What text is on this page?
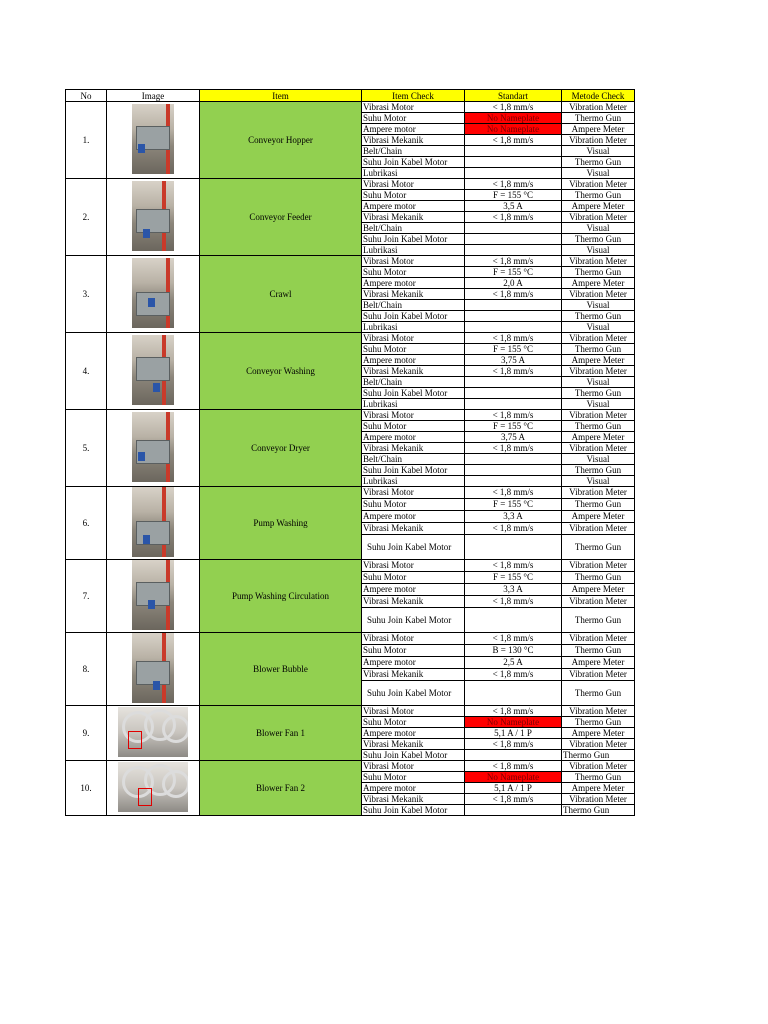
No	Image	Item	Item Check	Standart	Metode Check
1.		Conveyor Hopper	Vibrasi Motor	< 1,8 mm/s	Vibration Meter
			Suhu Motor	No Nameplate	Thermo Gun
			Ampere motor	No Nameplate	Ampere Meter
			Vibrasi Mekanik	< 1,8 mm/s	Vibration Meter
			Belt/Chain		Visual
			Suhu Join Kabel Motor		Thermo Gun
			Lubrikasi		Visual
2.		Conveyor Feeder	Vibrasi Motor	< 1,8 mm/s	Vibration Meter
			Suhu Motor	F = 155 °C	Thermo Gun
			Ampere motor	3,5 A	Ampere Meter
			Vibrasi Mekanik	< 1,8 mm/s	Vibration Meter
			Belt/Chain		Visual
			Suhu Join Kabel Motor		Thermo Gun
			Lubrikasi		Visual
3.		Crawl	Vibrasi Motor	< 1,8 mm/s	Vibration Meter
			Suhu Motor	F = 155 °C	Thermo Gun
			Ampere motor	2,0 A	Ampere Meter
			Vibrasi Mekanik	< 1,8 mm/s	Vibration Meter
			Belt/Chain		Visual
			Suhu Join Kabel Motor		Thermo Gun
			Lubrikasi		Visual
4.		Conveyor Washing	Vibrasi Motor	< 1,8 mm/s	Vibration Meter
			Suhu Motor	F = 155 °C	Thermo Gun
			Ampere motor	3,75 A	Ampere Meter
			Vibrasi Mekanik	< 1,8 mm/s	Vibration Meter
			Belt/Chain		Visual
			Suhu Join Kabel Motor		Thermo Gun
			Lubrikasi		Visual
5.		Conveyor Dryer	Vibrasi Motor	< 1,8 mm/s	Vibration Meter
			Suhu Motor	F = 155 °C	Thermo Gun
			Ampere motor	3,75 A	Ampere Meter
			Vibrasi Mekanik	< 1,8 mm/s	Vibration Meter
			Belt/Chain		Visual
			Suhu Join Kabel Motor		Thermo Gun
			Lubrikasi		Visual
6.		Pump Washing	Vibrasi Motor	< 1,8 mm/s	Vibration Meter
			Suhu Motor	F = 155 °C	Thermo Gun
			Ampere motor	3,3 A	Ampere Meter
			Vibrasi Mekanik	< 1,8 mm/s	Vibration Meter
			Suhu Join Kabel Motor		Thermo Gun
7.		Pump Washing Circulation	Vibrasi Motor	< 1,8 mm/s	Vibration Meter
			Suhu Motor	F = 155 °C	Thermo Gun
			Ampere motor	3,3 A	Ampere Meter
			Vibrasi Mekanik	< 1,8 mm/s	Vibration Meter
			Suhu Join Kabel Motor		Thermo Gun
8.		Blower Bubble	Vibrasi Motor	< 1,8 mm/s	Vibration Meter
			Suhu Motor	B = 130 °C	Thermo Gun
			Ampere motor	2,5 A	Ampere Meter
			Vibrasi Mekanik	< 1,8 mm/s	Vibration Meter
			Suhu Join Kabel Motor		Thermo Gun
9.		Blower Fan 1	Vibrasi Motor	< 1,8 mm/s	Vibration Meter
			Suhu Motor	No Nameplate	Thermo Gun
			Ampere motor	5,1 A / 1 P	Ampere Meter
			Vibrasi Mekanik	< 1,8 mm/s	Vibration Meter
			Suhu Join Kabel Motor		Thermo Gun
10.		Blower Fan 2	Vibrasi Motor	< 1,8 mm/s	Vibration Meter
			Suhu Motor	No Nameplate	Thermo Gun
			Ampere motor	5,1 A / 1 P	Ampere Meter
			Vibrasi Mekanik	< 1,8 mm/s	Vibration Meter
			Suhu Join Kabel Motor		Thermo Gun
